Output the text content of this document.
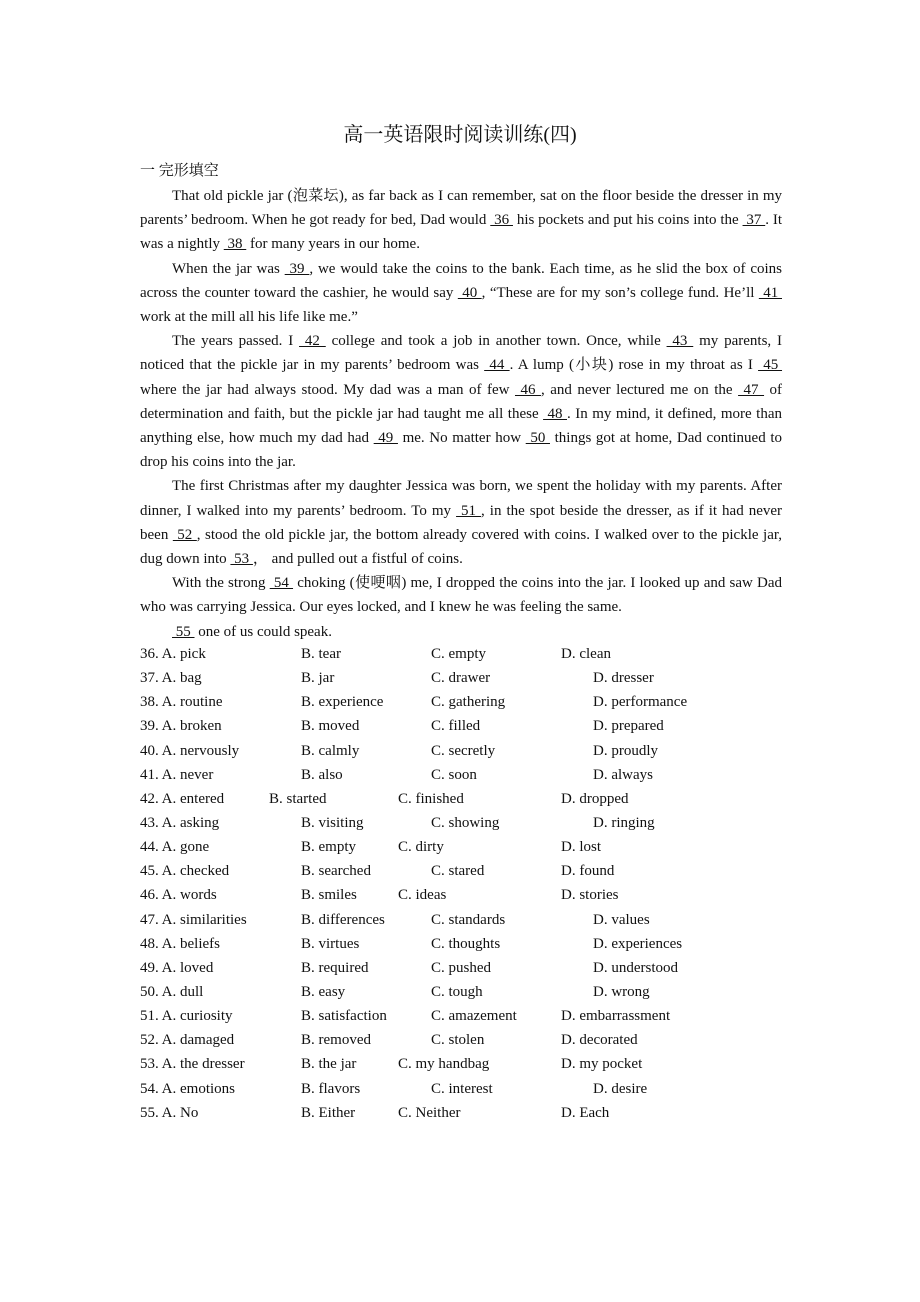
高一英语限时阅读训练(四)
一 完形填空

That old pickle jar (泡菜坛), as far back as I can remember, sat on the floor beside the dresser in my parents’ bedroom. When he got ready for bed, Dad would  36  his pockets and put his coins into the  37 . It was a nightly  38  for many years in our home.

When the jar was  39 , we would take the coins to the bank. Each time, as he slid the box of coins across the counter toward the cashier, he would say  40 , “These are for my son’s college fund. He’ll  41  work at the mill all his life like me.”

The years passed. I  42  college and took a job in another town. Once, while  43  my parents, I noticed that the pickle jar in my parents’ bedroom was  44 . A lump (小块) rose in my throat as I  45  where the jar had always stood. My dad was a man of few  46 , and never lectured me on the  47  of determination and faith, but the pickle jar had taught me all these  48 . In my mind, it defined, more than anything else, how much my dad had  49  me. No matter how  50  things got at home, Dad continued to drop his coins into the jar.

The first Christmas after my daughter Jessica was born, we spent the holiday with my parents. After dinner, I walked into my parents’ bedroom. To my  51 , in the spot beside the dresser, as if it had never been  52 , stood the old pickle jar, the bottom already covered with coins. I walked over to the pickle jar, dug down into  53 ， and pulled out a fistful of coins.

With the strong  54  choking (使哽咽) me, I dropped the coins into the jar. I looked up and saw Dad who was carrying Jessica. Our eyes locked, and I knew he was feeling the same.

55  one of us could speak.

36. A. pick	B. tear	C. empty	D. clean
37. A. bag	B. jar	C. drawer	D. dresser
38. A. routine	B. experience	C. gathering	D. performance
39. A. broken	B. moved	C. filled	D. prepared
40. A. nervously	B. calmly	C. secretly	D. proudly
41. A. never	B. also	C. soon	D. always
42. A. entered	B. started	C. finished	D. dropped
43. A. asking	B. visiting	C. showing	D. ringing
44. A. gone	B. empty	C. dirty	D. lost
45. A. checked	B. searched	C. stared	D. found
46. A. words	B. smiles	C. ideas	D. stories
47. A. similarities	B. differences	C. standards	D. values
48. A. beliefs	B. virtues	C. thoughts	D. experiences
49. A. loved	B. required	C. pushed	D. understood
50. A. dull	B. easy	C. tough	D. wrong
51. A. curiosity	B. satisfaction	C. amazement	D. embarrassment
52. A. damaged	B. removed	C. stolen	D. decorated
53. A. the dresser	B. the jar	C. my handbag	D. my pocket
54. A. emotions	B. flavors	C. interest	D. desire
55. A. No	B. Either	C. Neither	D. Each
